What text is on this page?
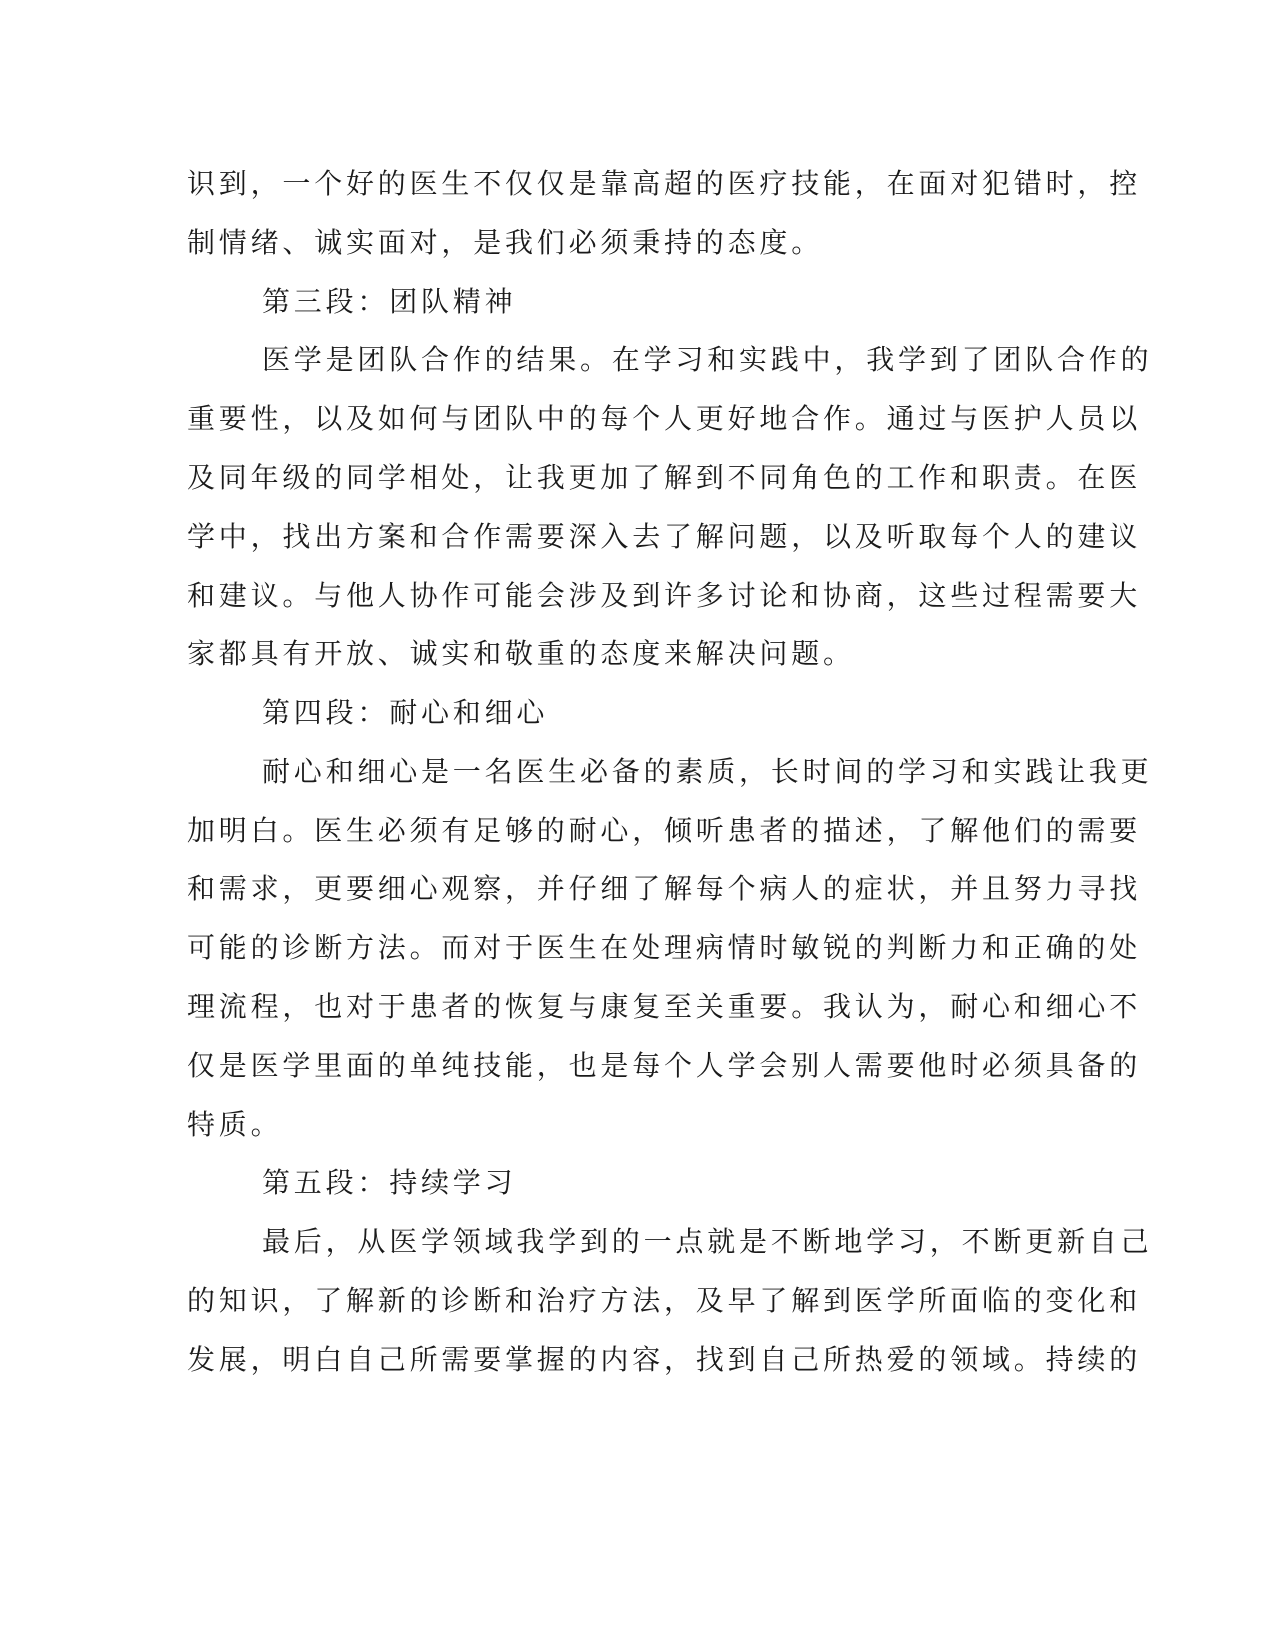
识到，一个好的医生不仅仅是靠高超的医疗技能，在面对犯错时，控
制情绪、诚实面对，是我们必须秉持的态度。
第三段：团队精神
医学是团队合作的结果。在学习和实践中，我学到了团队合作的
重要性，以及如何与团队中的每个人更好地合作。通过与医护人员以
及同年级的同学相处，让我更加了解到不同角色的工作和职责。在医
学中，找出方案和合作需要深入去了解问题，以及听取每个人的建议
和建议。与他人协作可能会涉及到许多讨论和协商，这些过程需要大
家都具有开放、诚实和敬重的态度来解决问题。
第四段：耐心和细心
耐心和细心是一名医生必备的素质，长时间的学习和实践让我更
加明白。医生必须有足够的耐心，倾听患者的描述，了解他们的需要
和需求，更要细心观察，并仔细了解每个病人的症状，并且努力寻找
可能的诊断方法。而对于医生在处理病情时敏锐的判断力和正确的处
理流程，也对于患者的恢复与康复至关重要。我认为，耐心和细心不
仅是医学里面的单纯技能，也是每个人学会别人需要他时必须具备的
特质。
第五段：持续学习
最后，从医学领域我学到的一点就是不断地学习，不断更新自己
的知识，了解新的诊断和治疗方法，及早了解到医学所面临的变化和
发展，明白自己所需要掌握的内容，找到自己所热爱的领域。持续的
